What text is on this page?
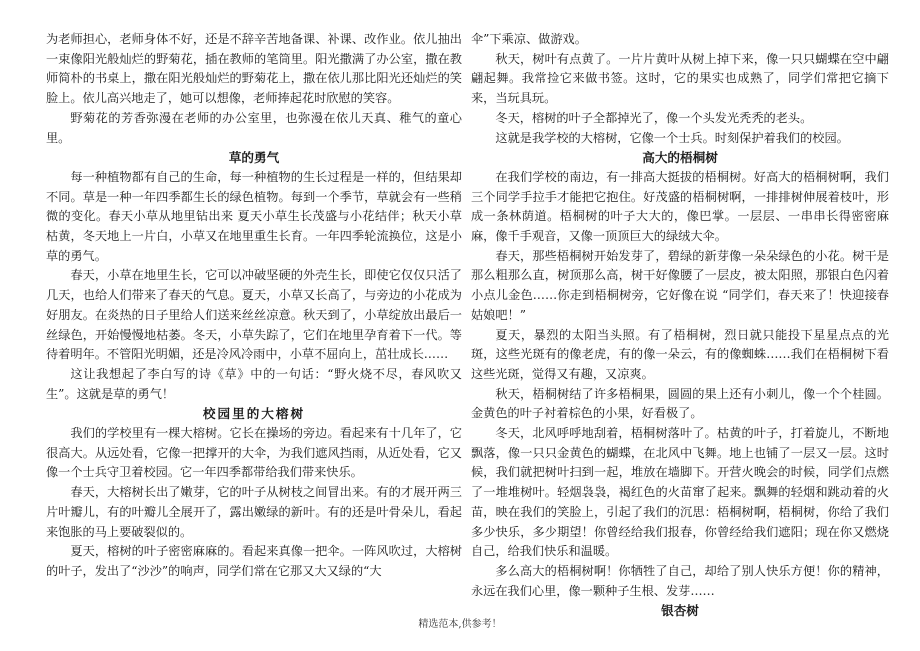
为老师担心，老师身体不好，还是不辞辛苦地备课、补课、改作业。依儿抽出一束像阳光般灿烂的野菊花，插在教师的笔筒里。阳光撒满了办公室，撒在教师简朴的书桌上，撒在阳光般灿烂的野菊花上，撒在依儿那比阳光还灿烂的笑脸上。依儿高兴地走了，她可以想像，老师捧起花时欣慰的笑容。

野菊花的芳香弥漫在老师的办公室里，也弥漫在依儿天真、稚气的童心里。

草的勇气

每一种植物都有自己的生命，每一种植物的生长过程是一样的，但结果却不同。草是一种一年四季都生长的绿色植物。每到一个季节，草就会有一些稍微的变化。春天小草从地里钻出来 夏天小草生长茂盛与小花结伴；秋天小草枯黄，冬天地上一片白，小草又在地里重生长育。一年四季轮流换位，这是小草的勇气。

春天，小草在地里生长，它可以冲破坚硬的外壳生长，即使它仅仅只活了几天，也给人们带来了春天的气息。夏天，小草又长高了，与旁边的小花成为好朋友。在炎热的日子里给人们送来丝丝凉意。秋天到了，小草绽放出最后一丝绿色，开始慢慢地枯萎。冬天，小草失踪了，它们在地里孕育着下一代。等待着明年。不管阳光明媚，还是冷风冷雨中，小草不屈向上，茁壮成长……

这让我想起了李白写的诗《草》中的一句话：“野火烧不尽，春风吹又生”。这就是草的勇气！

校园里的大榕树

我们的学校里有一棵大榕树。它长在操场的旁边。看起来有十几年了，它很高大。从远处看，它像一把撑开的大伞，为我们遮风挡雨，从近处看，它又像一个士兵守卫着校园。它一年四季都带给我们带来快乐。

春天，大榕树长出了嫩芽，它的叶子从树枝之间冒出来。有的才展开两三片叶瓣儿，有的叶瓣儿全展开了，露出嫩绿的新叶。有的还是叶骨朵儿，看起来饱胀的马上要破裂似的。

夏天，榕树的叶子密密麻麻的。看起来真像一把伞。一阵风吹过，大榕树的叶子，发出了“沙沙”的响声，同学们常在它那又大又绿的“大

伞”下乘凉、做游戏。

秋天，树叶有点黄了。一片片黄叶从树上掉下来，像一只只蝴蝶在空中翩翩起舞。我常捡它来做书签。这时，它的果实也成熟了，同学们常把它摘下来，当玩具玩。

冬天，榕树的叶子全都掉光了，像一个头发光秃秃的老头。

这就是我学校的大榕树，它像一个士兵。时刻保护着我们的校园。

高大的梧桐树

在我们学校的南边，有一排高大挺拔的梧桐树。好高大的梧桐树啊，我们三个同学手拉手才能把它抱住。好茂盛的梧桐树啊，一排排树伸展着枝叶，形成一条林荫道。梧桐树的叶子大大的，像巴掌。一层层、一串串长得密密麻麻，像千手观音，又像一顶顶巨大的绿绒大伞。

春天，那些梧桐树开始发芽了，碧绿的新芽像一朵朵绿色的小花。树干是那么粗那么直，树顶那么高，树干好像腰了一层皮，被太阳照，那银白色闪着小点儿金色……你走到梧桐树旁，它好像在说 “同学们，春天来了！快迎接春姑娘吧！”

夏天，暴烈的太阳当头照。有了梧桐树，烈日就只能投下星星点点的光斑，这些光斑有的像老虎，有的像一朵云，有的像蜘蛛……我们在梧桐树下看这些光斑，觉得又有趣，又凉爽。

秋天，梧桐树结了许多梧桐果，圆圆的果上还有小刺儿，像一个个桂圆。金黄色的叶子衬着棕色的小果，好看极了。

冬天，北风呼呼地刮着，梧桐树落叶了。枯黄的叶子，打着旋儿，不断地飘落，像一只只金黄色的蝴蝶，在北风中飞舞。地上也铺了一层又一层。这时候，我们就把树叶扫到一起，堆放在墙脚下。开营火晚会的时候，同学们点燃了一堆堆树叶。轻烟袅袅，褐红色的火苗窜了起来。飘舞的轻烟和跳动着的火苗，映在我们的笑脸上，引起了我们的沉思：梧桐树啊，梧桐树，你给了我们多少快乐，多少期望！你曾经给我们报春，你曾经给我们遮阳；现在你又燃烧自己，给我们快乐和温暖。

多么高大的梧桐树啊！你牺牲了自己，却给了别人快乐方便！你的精神，永远在我们心里，像一颗种子生根、发芽……

银杏树
精选范本,供参考！
